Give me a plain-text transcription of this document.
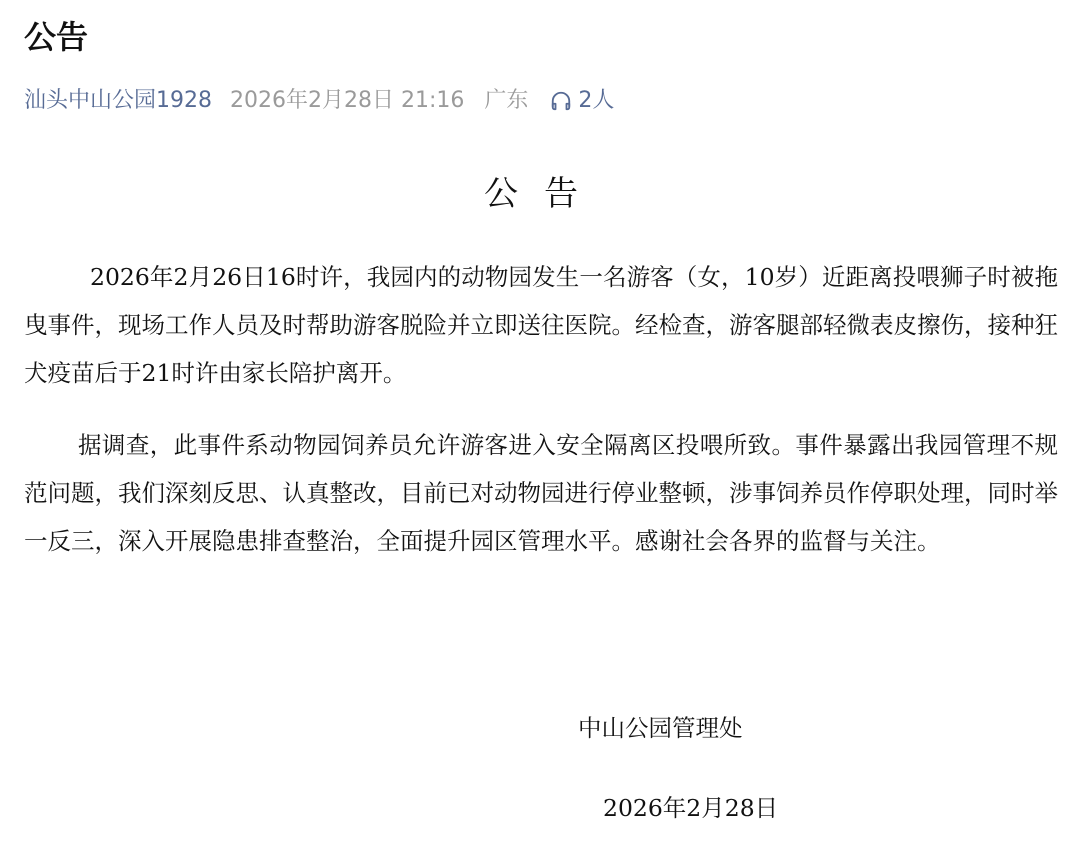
公告
汕头中山公园1928 2026年2月28日 21:16 广东 2人
公告

2026年2月26日16时许，我园内的动物园发生一名游客（女，10岁）近距离投喂狮子时被拖曳事件，现场工作人员及时帮助游客脱险并立即送往医院。经检查，游客腿部轻微表皮擦伤，接种狂犬疫苗后于21时许由家长陪护离开。

据调查，此事件系动物园饲养员允许游客进入安全隔离区投喂所致。事件暴露出我园管理不规范问题，我们深刻反思、认真整改，目前已对动物园进行停业整顿，涉事饲养员作停职处理，同时举一反三，深入开展隐患排查整治，全面提升园区管理水平。感谢社会各界的监督与关注。

中山公园管理处
2026年2月28日
